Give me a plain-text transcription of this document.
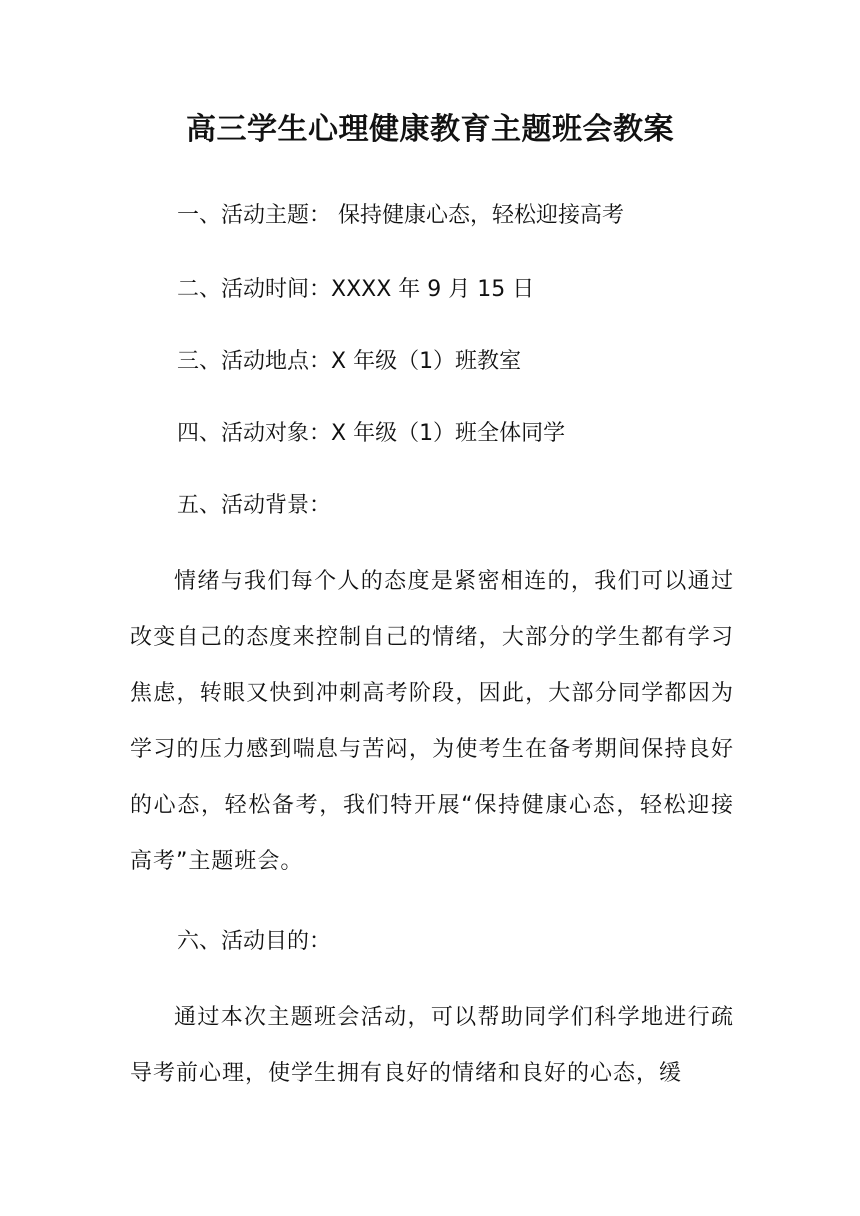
高三学生心理健康教育主题班会教案

一、活动主题： 保持健康心态，轻松迎接高考

二、活动时间：XXXX 年 9 月 15 日

三、活动地点：X 年级（1）班教室

四、活动对象：X 年级（1）班全体同学

五、活动背景：

情绪与我们每个人的态度是紧密相连的，我们可以通过改变自己的态度来控制自己的情绪，大部分的学生都有学习焦虑，转眼又快到冲刺高考阶段，因此，大部分同学都因为学习的压力感到喘息与苦闷，为使考生在备考期间保持良好的心态，轻松备考，我们特开展“保持健康心态，轻松迎接高考”主题班会。

六、活动目的：

通过本次主题班会活动，可以帮助同学们科学地进行疏导考前心理，使学生拥有良好的情绪和良好的心态，缓
